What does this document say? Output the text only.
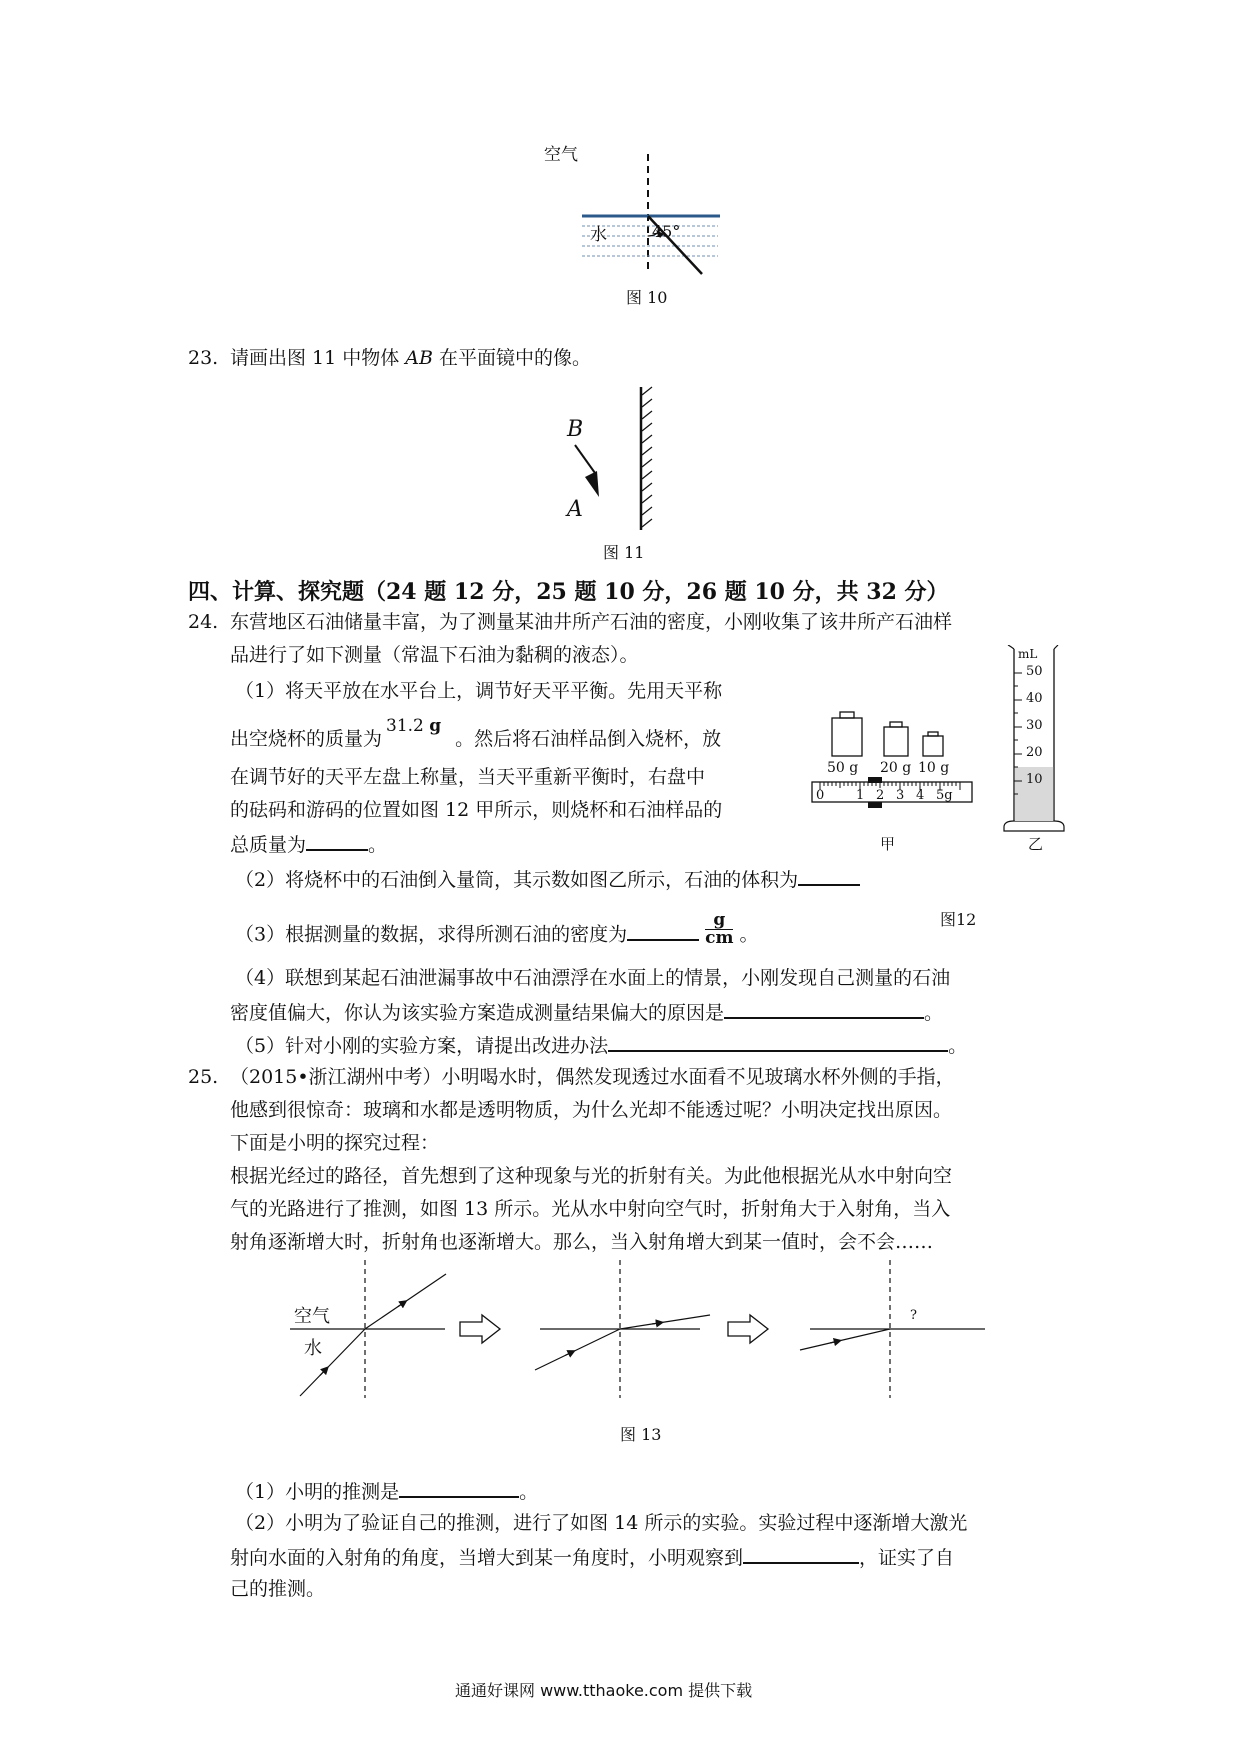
空气
水	45°
图 10
23. 请画出图 11 中物体 AB 在平面镜中的像。
B
A
图 11
四、计算、探究题（24 题 12 分，25 题 10 分，26 题 10 分，共 32 分）
24. 东营地区石油储量丰富，为了测量某油井所产石油的密度，小刚收集了该井所产石油样
品进行了如下测量（常温下石油为黏稠的液态）。
（1）将天平放在水平台上，调节好天平平衡。先用天平称
出空烧杯的质量为31.2 g。然后将石油样品倒入烧杯，放
在调节好的天平左盘上称量，当天平重新平衡时，右盘中
的砝码和游码的位置如图 12 甲所示，则烧杯和石油样品的
总质量为	。
50 g 20 g 10 g
0 1 2 3 4 5g
甲
mL
50
40
30
20
10
乙
图12
（2）将烧杯中的石油倒入量筒，其示数如图乙所示，石油的体积为
（3）根据测量的数据，求得所测石油的密度为	$\frac{g}{cm}$ 。
（4）联想到某起石油泄漏事故中石油漂浮在水面上的情景，小刚发现自己测量的石油
密度值偏大，你认为该实验方案造成测量结果偏大的原因是	。
（5）针对小刚的实验方案，请提出改进办法	。
25. （2015•浙江湖州中考）小明喝水时，偶然发现透过水面看不见玻璃水杯外侧的手指，
他感到很惊奇：玻璃和水都是透明物质，为什么光却不能透过呢？小明决定找出原因。
下面是小明的探究过程：
根据光经过的路径，首先想到了这种现象与光的折射有关。为此他根据光从水中射向空
气的光路进行了推测，如图 13 所示。光从水中射向空气时，折射角大于入射角，当入
射角逐渐增大时，折射角也逐渐增大。那么，当入射角增大到某一值时，会不会……
空气
水
?
图 13
（1）小明的推测是	。
（2）小明为了验证自己的推测，进行了如图 14 所示的实验。实验过程中逐渐增大激光
射向水面的入射角的角度，当增大到某一角度时，小明观察到	，证实了自
己的推测。
通通好课网 www.tthaoke.com 提供下载
